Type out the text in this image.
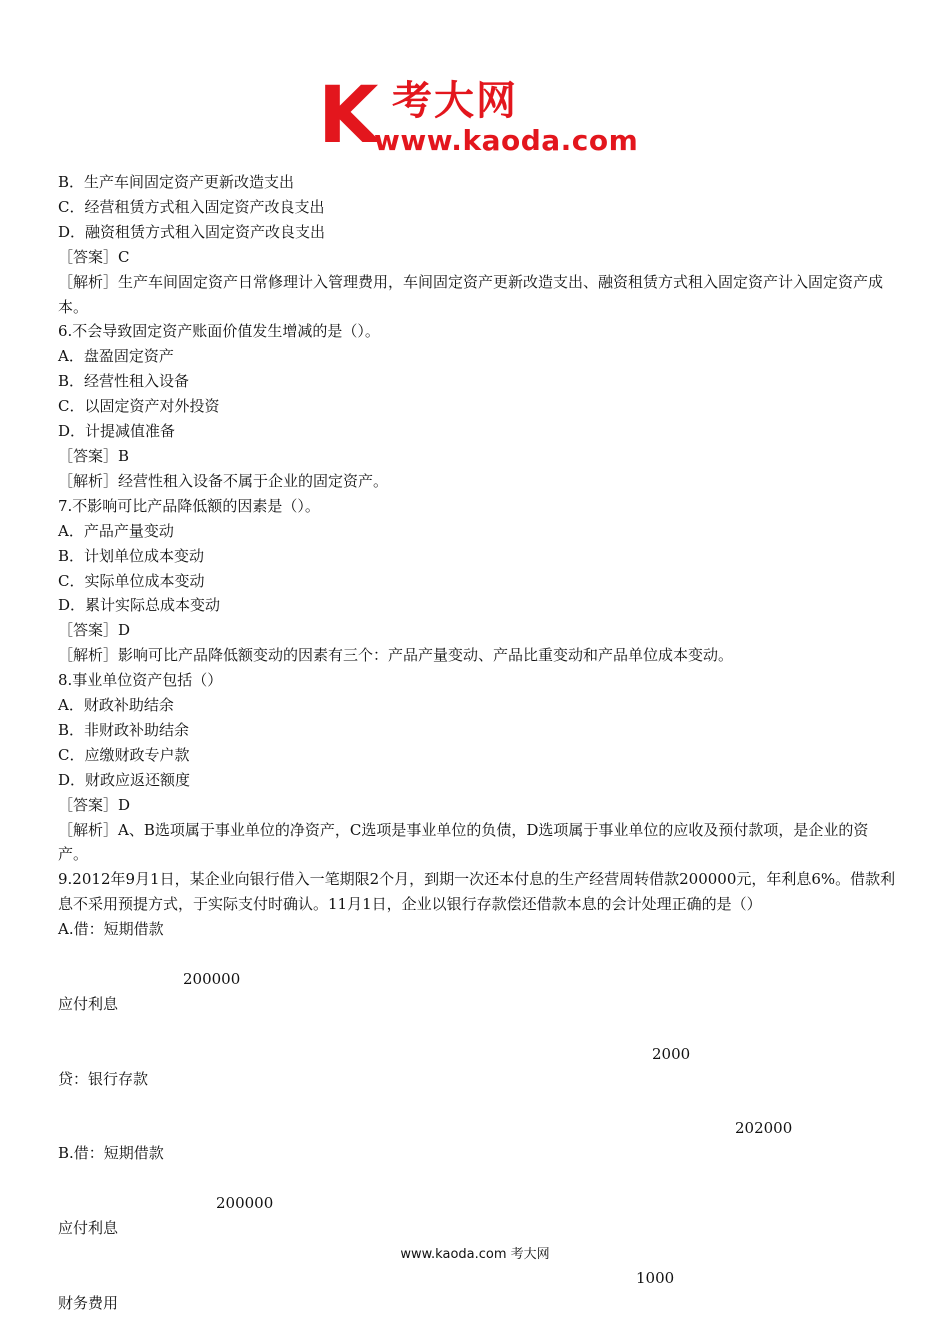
K 考大网
www.kaoda.com
B．生产车间固定资产更新改造支出
C．经营租赁方式租入固定资产改良支出
D．融资租赁方式租入固定资产改良支出
［答案］C
［解析］生产车间固定资产日常修理计入管理费用，车间固定资产更新改造支出、融资租赁方式租入固定资产计入固定资产成本。
6.不会导致固定资产账面价值发生增减的是（）。
A．盘盈固定资产
B．经营性租入设备
C．以固定资产对外投资
D．计提减值准备
［答案］B
［解析］经营性租入设备不属于企业的固定资产。
7.不影响可比产品降低额的因素是（）。
A．产品产量变动
B．计划单位成本变动
C．实际单位成本变动
D．累计实际总成本变动
［答案］D
［解析］影响可比产品降低额变动的因素有三个：产品产量变动、产品比重变动和产品单位成本变动。
8.事业单位资产包括（）
A．财政补助结余
B．非财政补助结余
C．应缴财政专户款
D．财政应返还额度
［答案］D
［解析］A、B选项属于事业单位的净资产，C选项是事业单位的负债，D选项属于事业单位的应收及预付款项，是企业的资产。
9.2012年9月1日，某企业向银行借入一笔期限2个月，到期一次还本付息的生产经营周转借款200000元，年利息6%。借款利息不采用预提方式，于实际支付时确认。11月1日，企业以银行存款偿还借款本息的会计处理正确的是（）
A.借：短期借款
200000
应付利息
2000
贷：银行存款
202000
B.借：短期借款
200000
应付利息
1000
财务费用
www.kaoda.com 考大网
